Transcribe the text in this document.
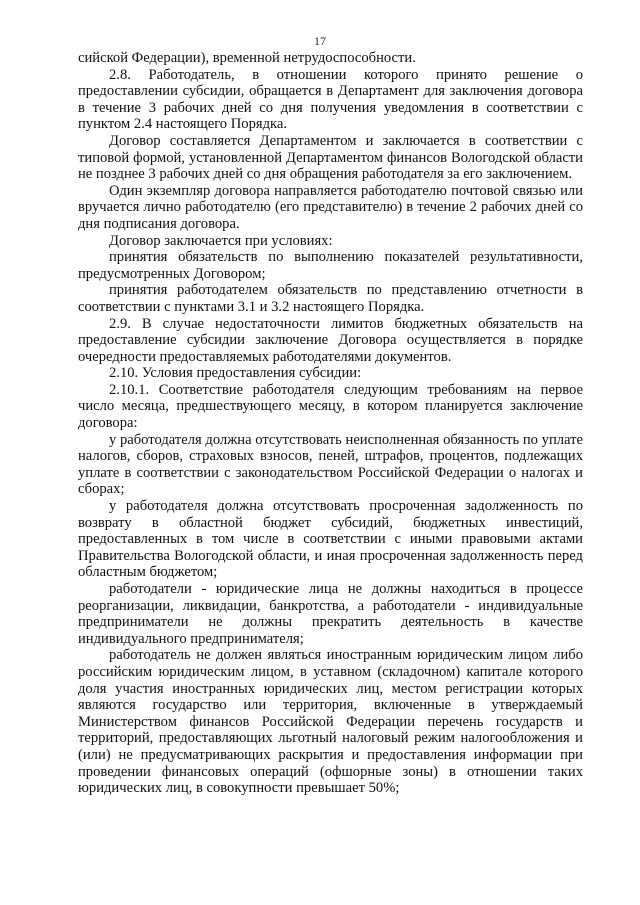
17

сийской Федерации), временной нетрудоспособности.

2.8. Работодатель, в отношении которого принято решение о предоставлении субсидии, обращается в Департамент для заключения договора в течение 3 рабочих дней со дня получения уведомления в соответствии с пунктом 2.4 настоящего Порядка.

Договор составляется Департаментом и заключается в соответствии с типовой формой, установленной Департаментом финансов Вологодской области не позднее 3 рабочих дней со дня обращения работодателя за его заключением.

Один экземпляр договора направляется работодателю почтовой связью или вручается лично работодателю (его представителю) в течение 2 рабочих дней со дня подписания договора.

Договор заключается при условиях:

принятия обязательств по выполнению показателей результативности, предусмотренных Договором;

принятия работодателем обязательств по представлению отчетности в соответствии с пунктами 3.1 и 3.2 настоящего Порядка.

2.9. В случае недостаточности лимитов бюджетных обязательств на предоставление субсидии заключение Договора осуществляется в порядке очередности предоставляемых работодателями документов.

2.10. Условия предоставления субсидии:

2.10.1. Соответствие работодателя следующим требованиям на первое число месяца, предшествующего месяцу, в котором планируется заключение договора:

у работодателя должна отсутствовать неисполненная обязанность по уплате налогов, сборов, страховых взносов, пеней, штрафов, процентов, подлежащих уплате в соответствии с законодательством Российской Федерации о налогах и сборах;

у работодателя должна отсутствовать просроченная задолженность по возврату в областной бюджет субсидий, бюджетных инвестиций, предоставленных в том числе в соответствии с иными правовыми актами Правительства Вологодской области, и иная просроченная задолженность перед областным бюджетом;

работодатели - юридические лица не должны находиться в процессе реорганизации, ликвидации, банкротства, а работодатели - индивидуальные предприниматели не должны прекратить деятельность в качестве индивидуального предпринимателя;

работодатель не должен являться иностранным юридическим лицом либо российским юридическим лицом, в уставном (складочном) капитале которого доля участия иностранных юридических лиц, местом регистрации которых являются государство или территория, включенные в утверждаемый Министерством финансов Российской Федерации перечень государств и территорий, предоставляющих льготный налоговый режим налогообложения и (или) не предусматривающих раскрытия и предоставления информации при проведении финансовых операций (офшорные зоны) в отношении таких юридических лиц, в совокупности превышает 50%;
